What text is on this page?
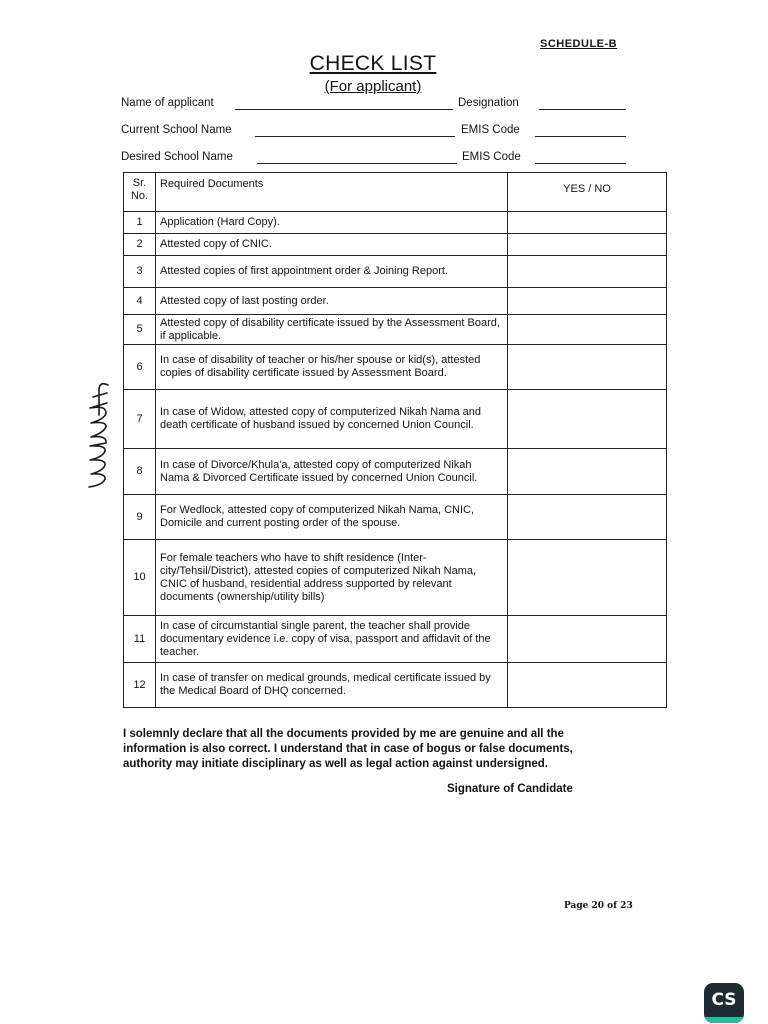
SCHEDULE-B
CHECK LIST
(For applicant)
Name of applicant	Designation
Current School Name	EMIS Code
Desired School Name	EMIS Code
Sr.
No.	Required Documents	YES / NO
1	Application (Hard Copy).	
2	Attested copy of CNIC.	
3	Attested copies of first appointment order & Joining Report.	
4	Attested copy of last posting order.	
5	Attested copy of disability certificate issued by the Assessment Board, if applicable.	
6	In case of disability of teacher or his/her spouse or kid(s), attested copies of disability certificate issued by Assessment Board.	
7	In case of Widow, attested copy of computerized Nikah Nama and death certificate of husband issued by concerned Union Council.	
8	In case of Divorce/Khula'a, attested copy of computerized Nikah Nama & Divorced Certificate issued by concerned Union Council.	
9	For Wedlock, attested copy of computerized Nikah Nama, CNIC, Domicile and current posting order of the spouse.	
10	For female teachers who have to shift residence (Inter-city/Tehsil/District), attested copies of computerized Nikah Nama, CNIC of husband, residential address supported by relevant documents (ownership/utility bills)	
11	In case of circumstantial single parent, the teacher shall provide documentary evidence i.e. copy of visa, passport and affidavit of the teacher.	
12	In case of transfer on medical grounds, medical certificate issued by the Medical Board of DHQ concerned.	
I solemnly declare that all the documents provided by me are genuine and all the information is also correct. I understand that in case of bogus or false documents, authority may initiate disciplinary as well as legal action against undersigned.
Signature of Candidate
Page 20 of 23
CS
